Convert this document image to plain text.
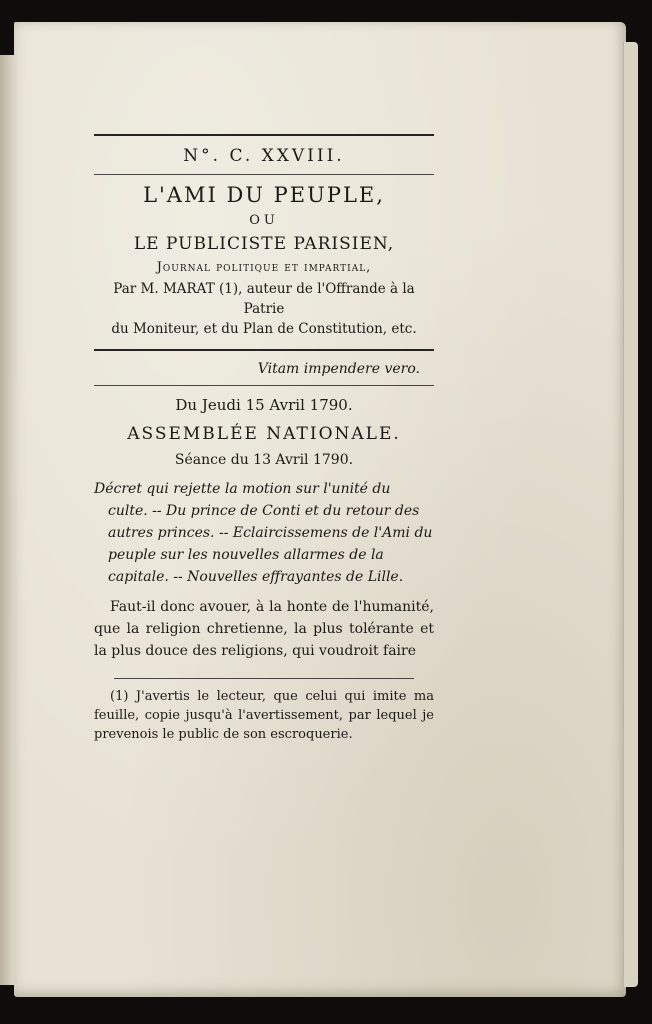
N°. C. XXVIII.
L'AMI DU PEUPLE,
OU
LE PUBLICISTE PARISIEN,
Journal politique et impartial,
Par M. MARAT (1), auteur de l'Offrande à la Patrie
du Moniteur, et du Plan de Constitution, etc.
Vitam impendere vero.
Du Jeudi 15 Avril 1790.
ASSEMBLÉE NATIONALE.
Séance du 13 Avril 1790.
Décret qui rejette la motion sur l'unité du culte. -- Du prince de Conti et du retour des autres princes. -- Eclaircissemens de l'Ami du peuple sur les nouvelles allarmes de la capitale. -- Nouvelles effrayantes de Lille.
Faut-il donc avouer, à la honte de l'humanité, que la religion chretienne, la plus tolérante et la plus douce des religions, qui voudroit faire
(1) J'avertis le lecteur, que celui qui imite ma feuille, copie jusqu'à l'avertissement, par lequel je prevenois le public de son escroquerie.
